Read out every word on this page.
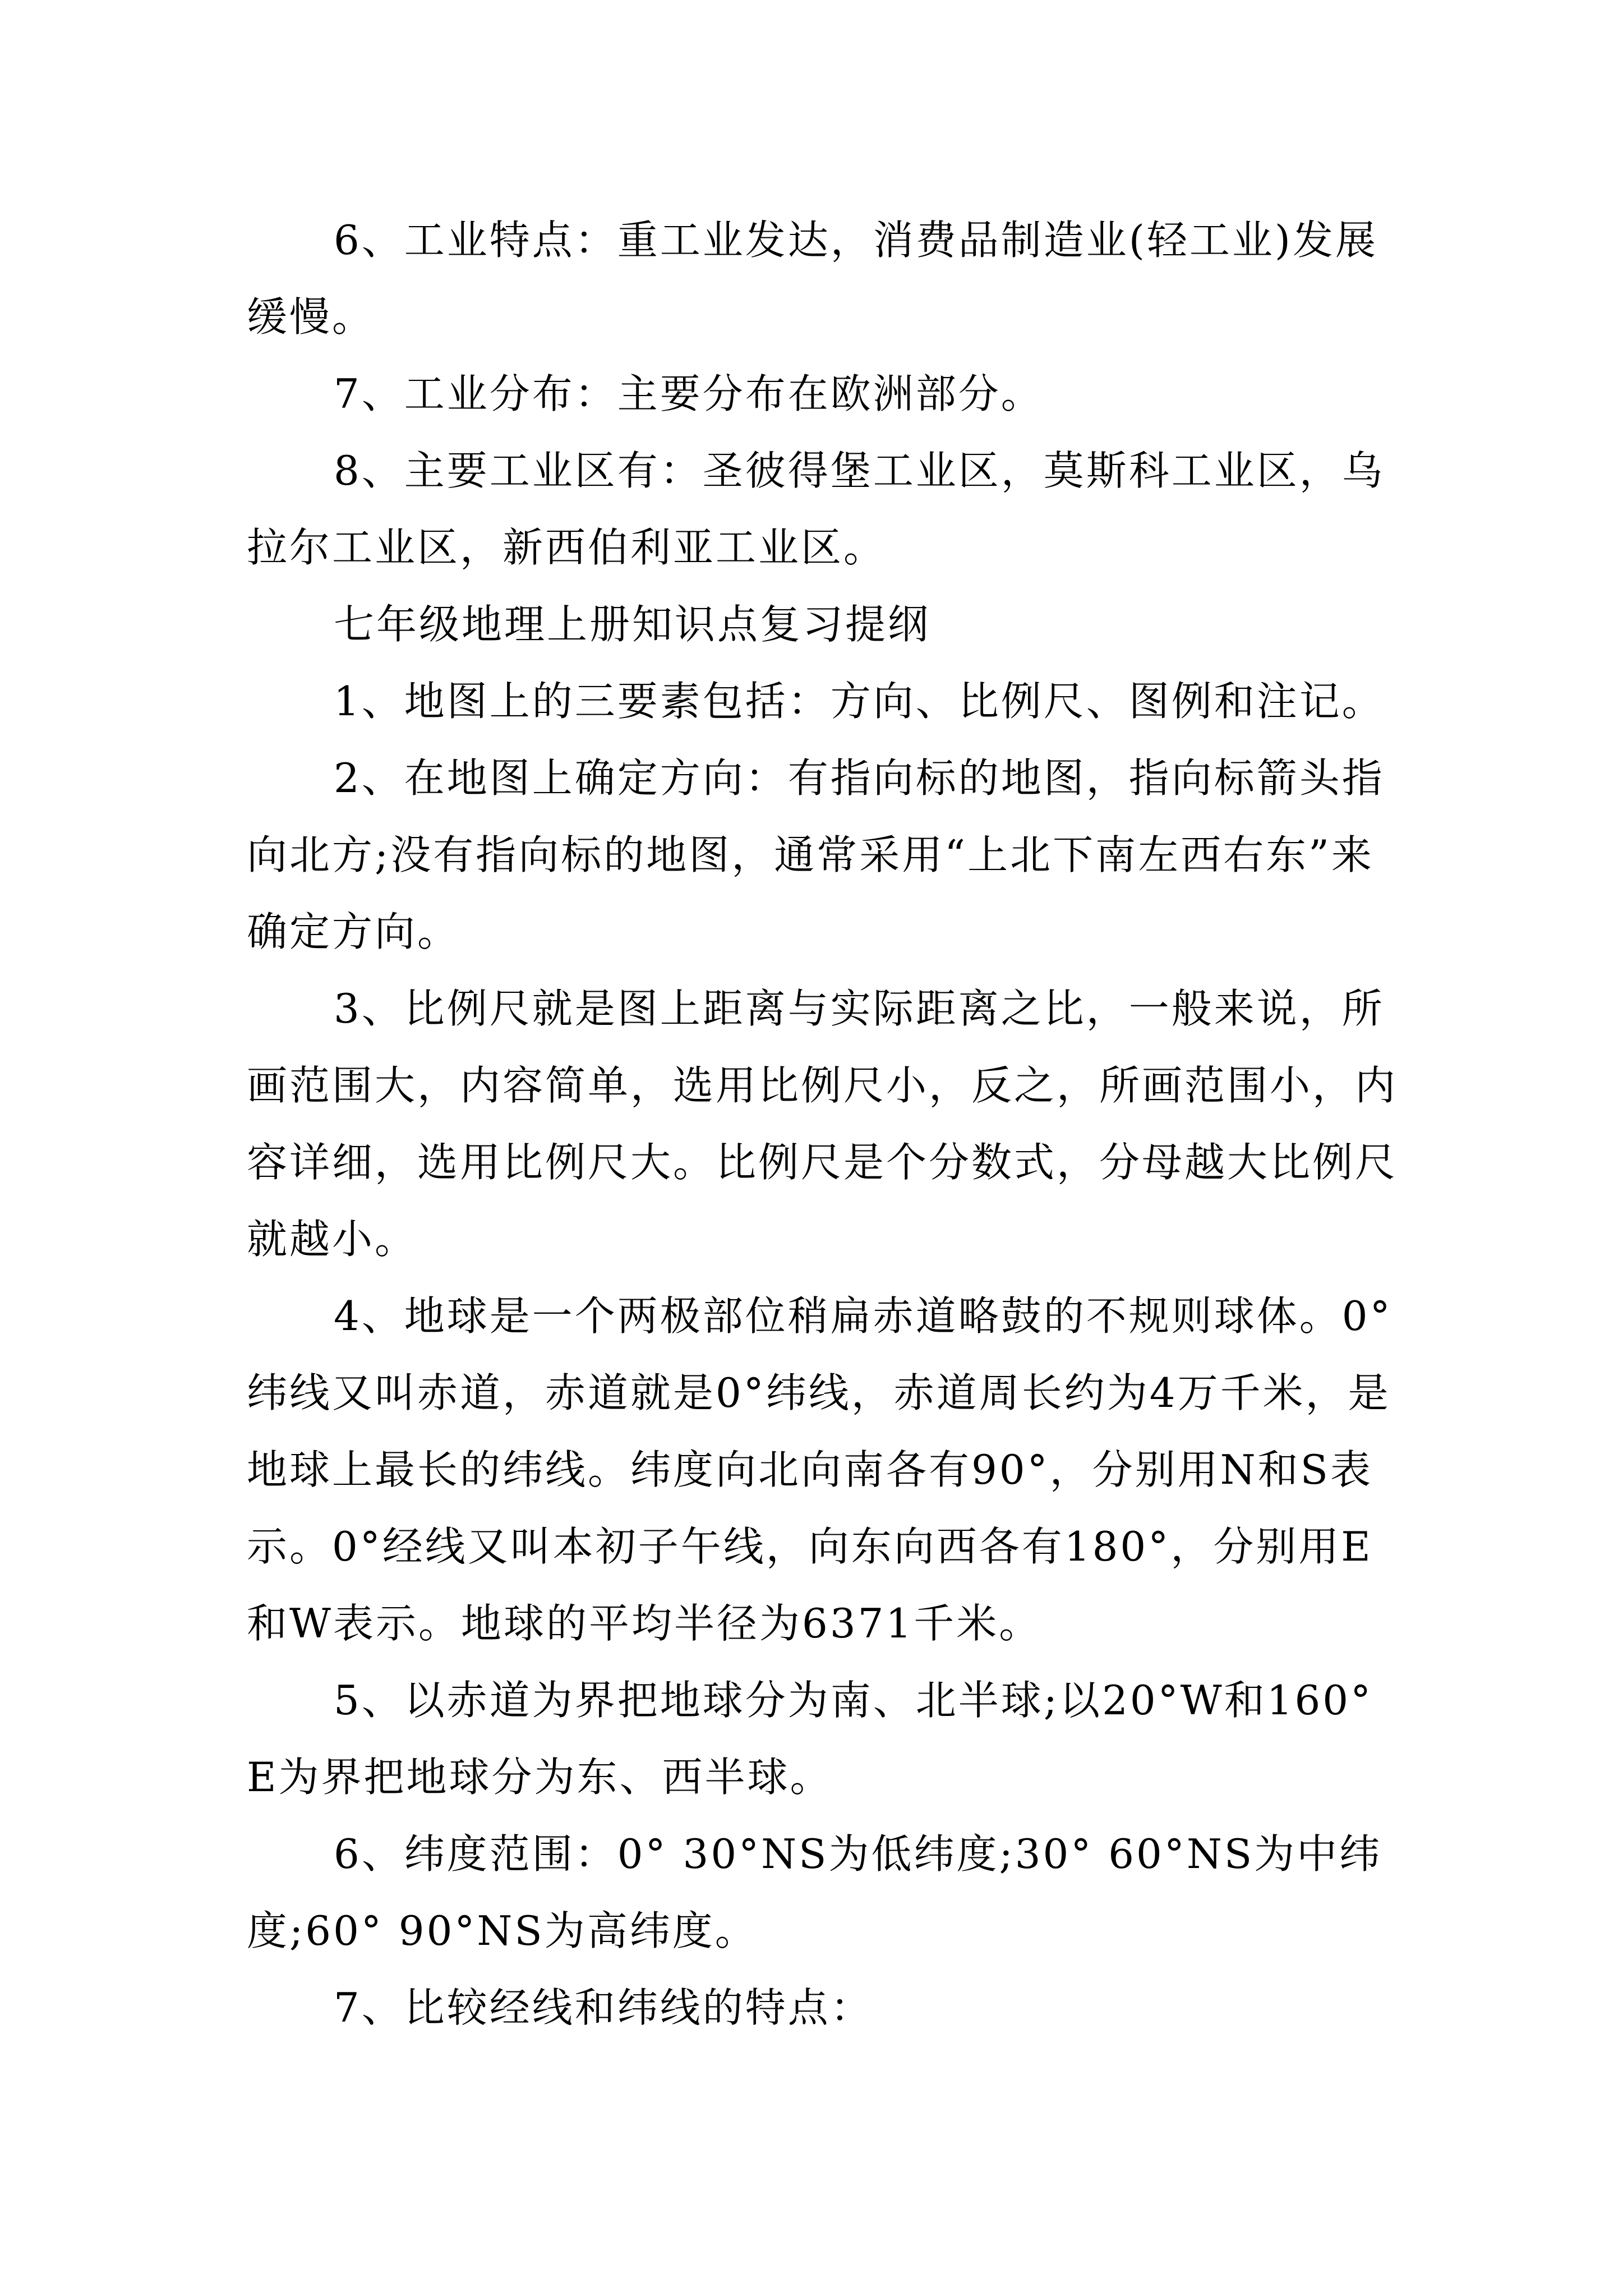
6、工业特点：重工业发达，消费品制造业(轻工业)发展缓慢。

7、工业分布：主要分布在欧洲部分。

8、主要工业区有：圣彼得堡工业区，莫斯科工业区，乌拉尔工业区，新西伯利亚工业区。

七年级地理上册知识点复习提纲

1、地图上的三要素包括：方向、比例尺、图例和注记。

2、在地图上确定方向：有指向标的地图，指向标箭头指向北方;没有指向标的地图，通常采用“上北下南左西右东”来确定方向。

3、比例尺就是图上距离与实际距离之比，一般来说，所画范围大，内容简单，选用比例尺小，反之，所画范围小，内容详细，选用比例尺大。比例尺是个分数式，分母越大比例尺就越小。

4、地球是一个两极部位稍扁赤道略鼓的不规则球体。0°纬线又叫赤道，赤道就是0°纬线，赤道周长约为4万千米，是地球上最长的纬线。纬度向北向南各有90°，分别用N和S表示。0°经线又叫本初子午线，向东向西各有180°，分别用E和W表示。地球的平均半径为6371千米。

5、以赤道为界把地球分为南、北半球;以20°W和160°E为界把地球分为东、西半球。

6、纬度范围：0° 30°NS为低纬度;30° 60°NS为中纬度;60° 90°NS为高纬度。

7、比较经线和纬线的特点：
